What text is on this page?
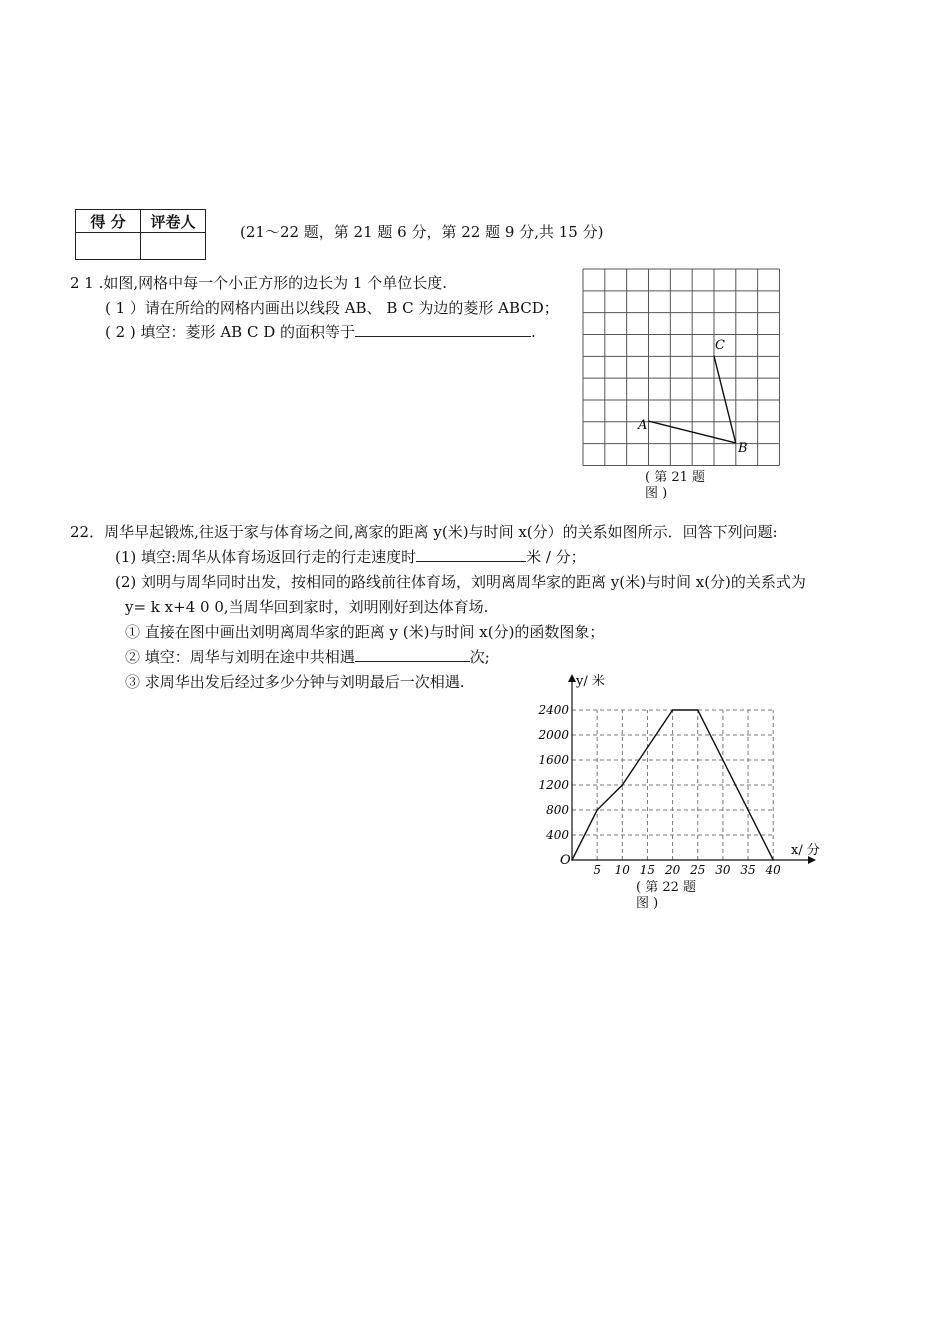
得 分	评卷人

(21～22 题，第 21 题 6 分，第 22 题 9 分,共 15 分)
2 1 .如图,网格中每一个小正方形的边长为 1 个单位长度.
( 1 ）请在所给的网格内画出以线段 AB、 B C 为边的菱形 ABCD；
( 2 ) 填空：菱形 AB C D 的面积等于	.
A
B
C
( 第 21 题
图 )
22．周华早起锻炼,往返于家与体育场之间,离家的距离 y(米)与时间 x(分）的关系如图所示．回答下列问题:
(1) 填空:周华从体育场返回行走的行走速度时	米 / 分；
(2) 刘明与周华同时出发，按相同的路线前往体育场，刘明离周华家的距离 y(米)与时间 x(分)的关系式为
y= k x+4 0 0,当周华回到家时，刘明刚好到达体育场.
① 直接在图中画出刘明离周华家的距离 y (米)与时间 x(分)的函数图象；
② 填空：周华与刘明在途中共相遇	次;
③ 求周华出发后经过多少分钟与刘明最后一次相遇.
5 10 15 20 25 30 35 40
400
800
1200
1600
2000
2400
O
y/ 米
x/ 分
( 第 22 题
图 )
